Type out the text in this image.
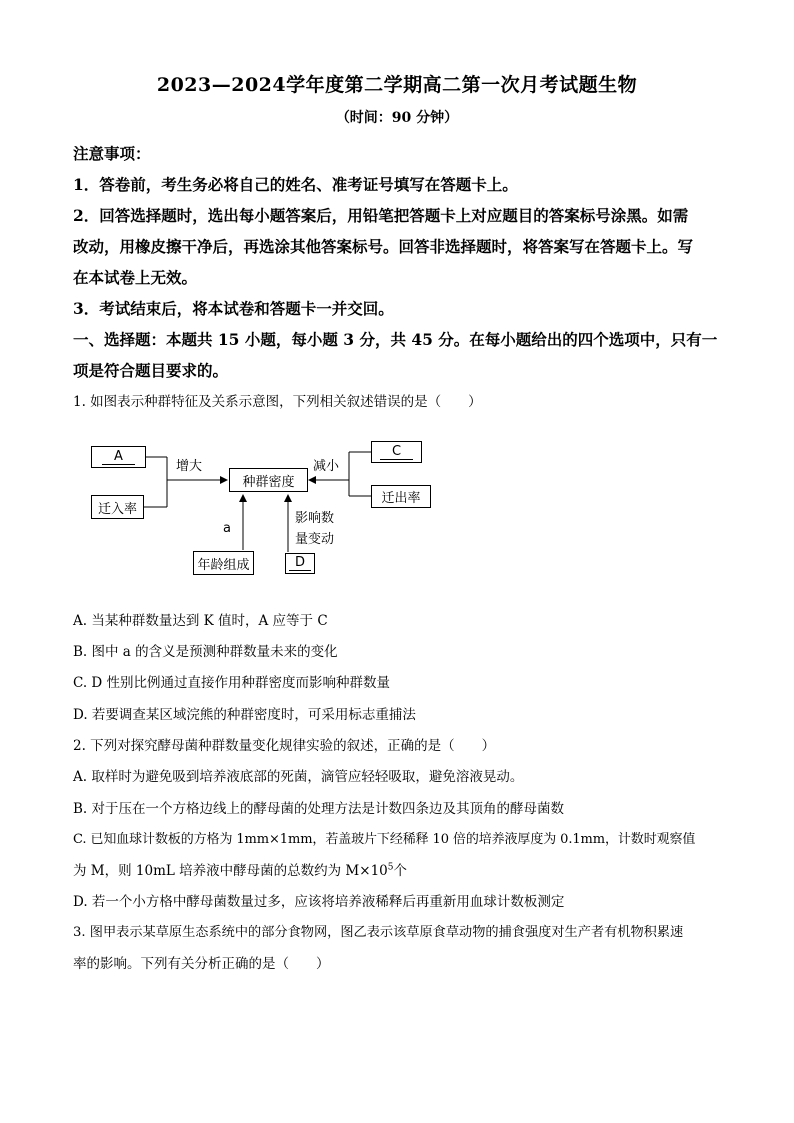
2023—2024学年度第二学期高二第一次月考试题生物
（时间：90 分钟）
注意事项：
1．答卷前，考生务必将自己的姓名、准考证号填写在答题卡上。
2．回答选择题时，选出每小题答案后，用铅笔把答题卡上对应题目的答案标号涂黑。如需
改动，用橡皮擦干净后，再选涂其他答案标号。回答非选择题时，将答案写在答题卡上。写
在本试卷上无效。
3．考试结束后，将本试卷和答题卡一并交回。
一、选择题：本题共 15 小题，每小题 3 分，共 45 分。在每小题给出的四个选项中，只有一
项是符合题目要求的。
1. 如图表示种群特征及关系示意图，下列相关叙述错误的是（　　）
A
迁入率
种群密度
C
迁出率
年龄组成	D
增大	减小
a
影响数
量变动
A. 当某种群数量达到 K 值时，A 应等于 C
B. 图中 a 的含义是预测种群数量未来的变化
C. D 性别比例通过直接作用种群密度而影响种群数量
D. 若要调查某区域浣熊的种群密度时，可采用标志重捕法
2. 下列对探究酵母菌种群数量变化规律实验的叙述，正确的是（　　）
A. 取样时为避免吸到培养液底部的死菌，滴管应轻轻吸取，避免溶液晃动。
B. 对于压在一个方格边线上的酵母菌的处理方法是计数四条边及其顶角的酵母菌数
C. 已知血球计数板的方格为 1mm×1mm，若盖玻片下经稀释 10 倍的培养液厚度为 0.1mm，计数时观察值
为 M，则 10mL 培养液中酵母菌的总数约为 $M\times 10^5$个
D. 若一个小方格中酵母菌数量过多，应该将培养液稀释后再重新用血球计数板测定
3. 图甲表示某草原生态系统中的部分食物网，图乙表示该草原食草动物的捕食强度对生产者有机物积累速
率的影响。下列有关分析正确的是（　　）
